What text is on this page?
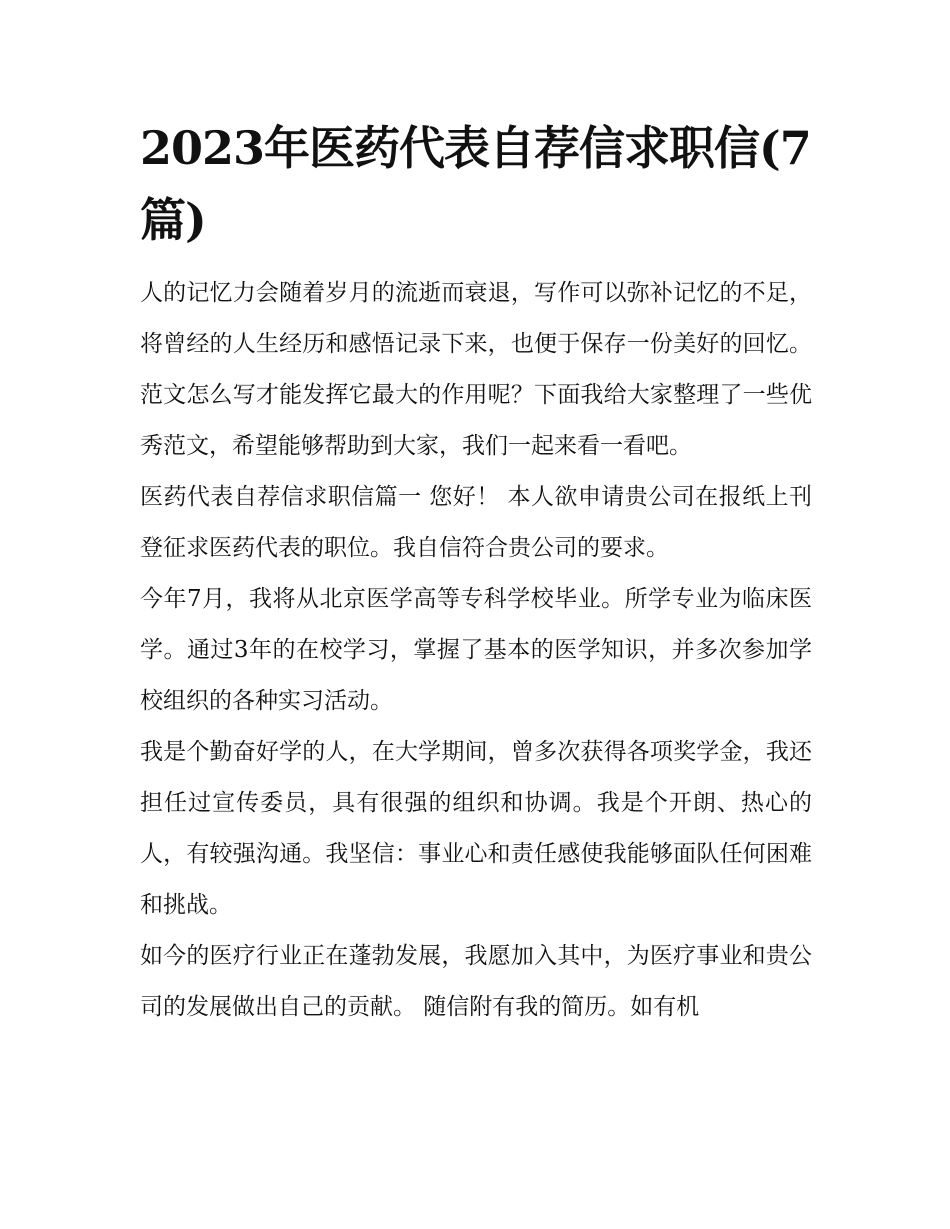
2023年医药代表自荐信求职信(7篇)

人的记忆力会随着岁月的流逝而衰退，写作可以弥补记忆的不足，将曾经的人生经历和感悟记录下来，也便于保存一份美好的回忆。范文怎么写才能发挥它最大的作用呢？下面我给大家整理了一些优秀范文，希望能够帮助到大家，我们一起来看一看吧。

医药代表自荐信求职信篇一 您好！ 本人欲申请贵公司在报纸上刊登征求医药代表的职位。我自信符合贵公司的要求。

今年7月，我将从北京医学高等专科学校毕业。所学专业为临床医学。通过3年的在校学习，掌握了基本的医学知识，并多次参加学校组织的各种实习活动。

我是个勤奋好学的人，在大学期间，曾多次获得各项奖学金，我还担任过宣传委员，具有很强的组织和协调。我是个开朗、热心的人，有较强沟通。我坚信：事业心和责任感使我能够面队任何困难和挑战。

如今的医疗行业正在蓬勃发展，我愿加入其中，为医疗事业和贵公司的发展做出自己的贡献。 随信附有我的简历。如有机
